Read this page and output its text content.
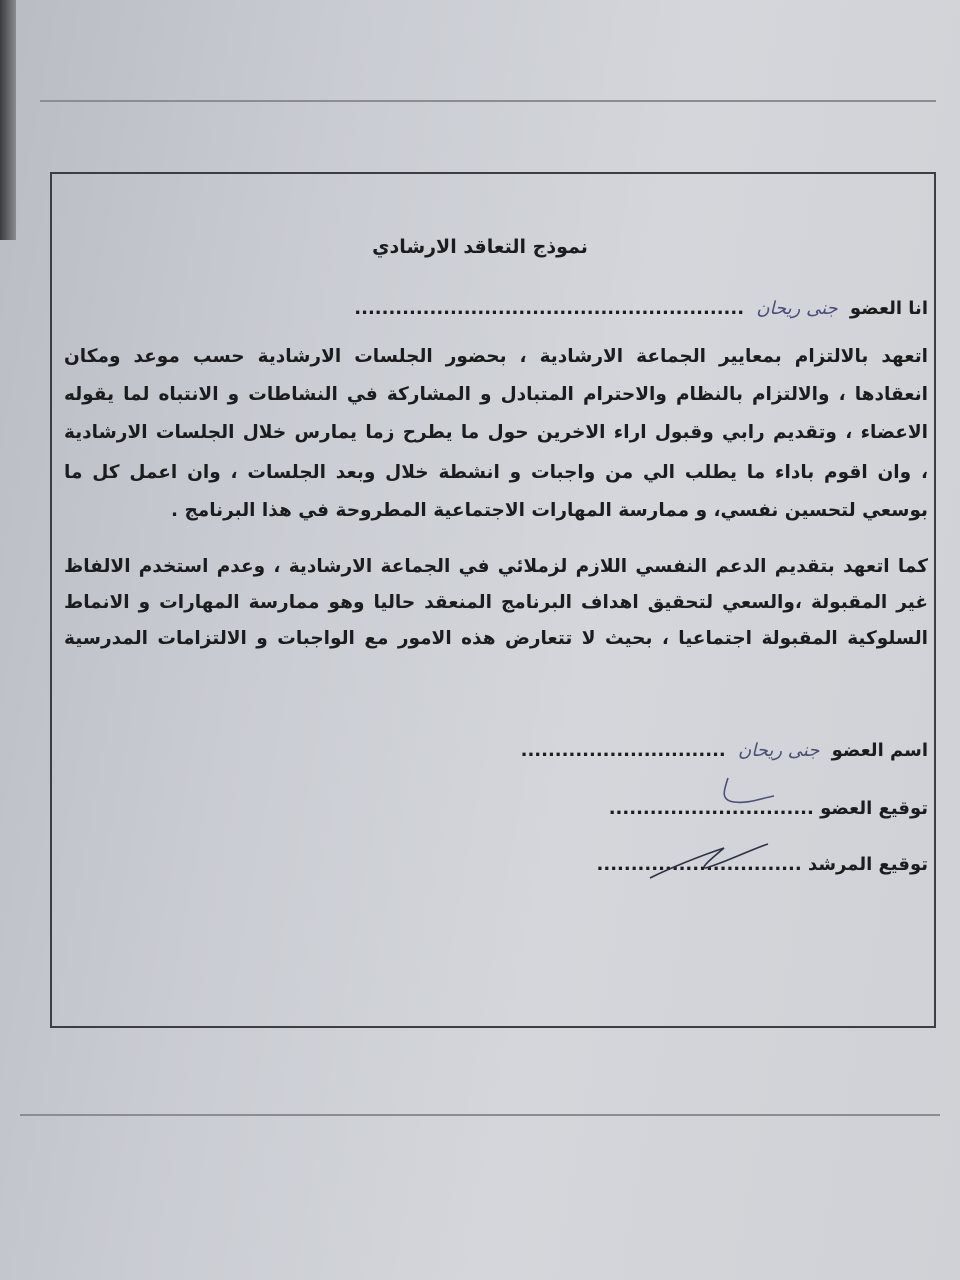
نموذج التعاقد الارشادي
انا العضو جنى ريحان .........................................................
اتعهد بالالتزام بمعايير الجماعة الارشادية ، بحضور الجلسات الارشادية حسب موعد ومكان
انعقادها ، والالتزام بالنظام والاحترام المتبادل و المشاركة في النشاطات و الانتباه لما يقوله
الاعضاء ، وتقديم رابي وقبول اراء الاخرين حول ما يطرح زما يمارس خلال الجلسات الارشادية
، وان اقوم باداء ما يطلب الي من واجبات و انشطة خلال وبعد الجلسات ، وان اعمل كل ما
بوسعي لتحسين نفسي، و ممارسة المهارات الاجتماعية المطروحة في هذا البرنامج .
كما اتعهد بتقديم الدعم النفسي اللازم لزملائي في الجماعة الارشادية ، وعدم استخدم الالفاظ
غير المقبولة ،والسعي لتحقيق اهداف البرنامج المنعقد حاليا وهو ممارسة المهارات و الانماط
السلوكية المقبولة اجتماعيا ، بحيث لا تتعارض هذه الامور مع الواجبات و الالتزامات المدرسية
اسم العضو جنى ريحان ..............................
توقيع العضو ..............................
توقيع المرشد ..............................
